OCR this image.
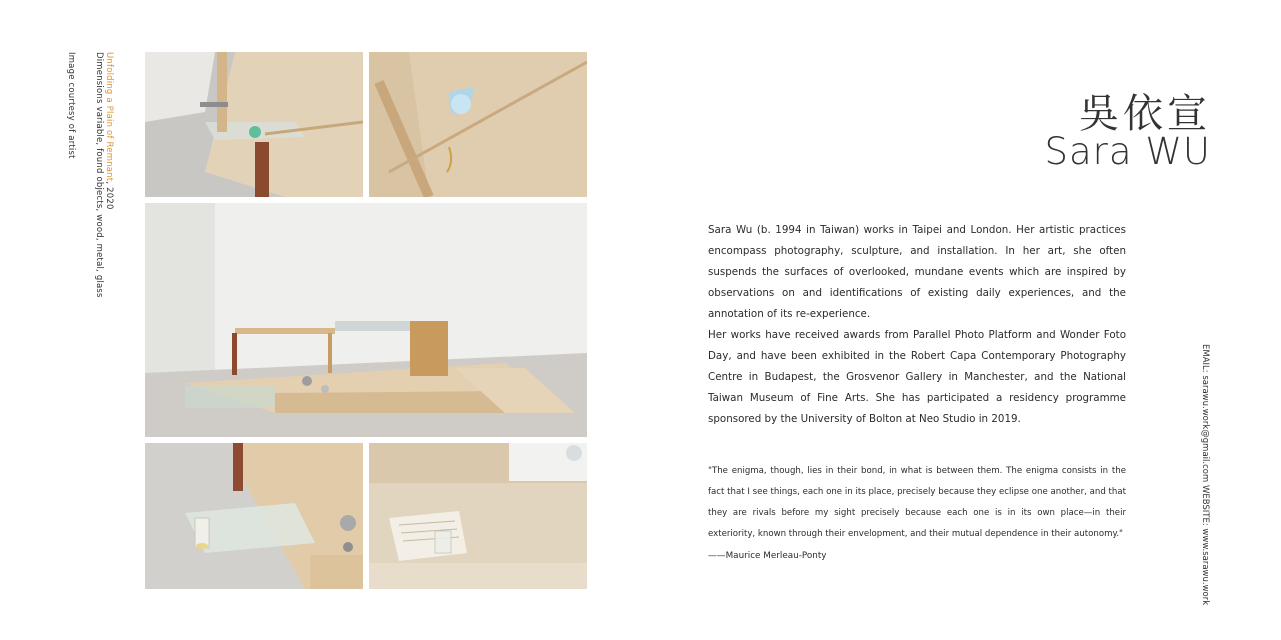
Image courtesy of artist	Unfolding a Plain of Remnant, 2020
Dimensions variable, found objects, wood, metal, glass	吳依宣
Sara WU
Sara Wu (b. 1994 in Taiwan) works in Taipei and London. Her artistic practices encompass photography, sculpture, and installation. In her art, she often suspends the surfaces of overlooked, mundane events which are inspired by observations on and identifications of existing daily experiences, and the annotation of its re-experience.
Her works have received awards from Parallel Photo Platform and Wonder Foto Day, and have been exhibited in the Robert Capa Contemporary Photography Centre in Budapest, the Grosvenor Gallery in Manchester, and the National Taiwan Museum of Fine Arts. She has participated a residency programme sponsored by the University of Bolton at Neo Studio in 2019.
"The enigma, though, lies in their bond, in what is between them. The enigma consists in the fact that I see things, each one in its place, precisely because they eclipse one another, and that they are rivals before my sight precisely because each one is in its own place—in their exteriority, known through their envelopment, and their mutual dependence in their autonomy."
——Maurice Merleau-Ponty	EMAIL: sarawu.work@gmail.com WEBSITE: www.sarawu.work
